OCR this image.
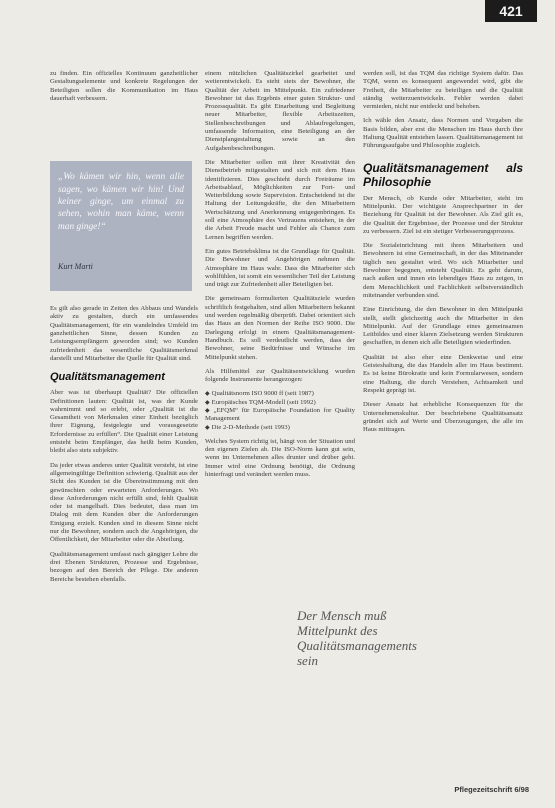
421

zu finden. Ein offizielles Kontinuum ganzheitlicher Gestaltungselemente und konkrete Regelungen der Beteiligten sollen die Kommunikation im Haus dauerhaft verbessern.

„Wo kämen wir hin, wenn alle sagen, wo kämen wir hin! Und keiner ginge, um einmal zu sehen, wohin man käme, wenn man ginge!“
Kurt Marti

Es gilt also gerade in Zeiten des Abbaus und Wandels aktiv zu gestalten, durch ein umfassendes Qualitätsmanagement, für ein wandelndes Umfeld im ganzheitlichen Sinne, dessen Kunden zu Leistungsempfängern geworden sind; wo Kunden zufriedenheit das wesentliche Qualitätsmerkmal darstellt und Mitarbeiter die Quelle für Qualität sind.

Qualitätsmanagement

Aber was ist überhaupt Qualität? Die offiziellen Definitionen lauten: Qualität ist, was der Kunde wahrnimmt und so erlebt, oder „Qualität ist die Gesamtheit von Merkmalen einer Einheit bezüglich ihrer Eignung, festgelegte und vorausgesetzte Erfordernisse zu erfüllen“. Die Qualität einer Leistung entsteht beim Empfänger, das heißt beim Kunden, bleibt also stets subjektiv.

Da jeder etwas anderes unter Qualität versteht, ist eine allgemeingültige Definition schwierig. Qualität aus der Sicht des Kunden ist die Übereinstimmung mit den gewünschten oder erwarteten Anforderungen. Wo diese Anforderungen nicht erfüllt sind, fehlt Qualität oder ist mangelhaft. Dies bedeutet, dass man im Dialog mit dem Kunden über die Anforderungen Einigung erzielt. Kunden sind in diesem Sinne nicht nur die Bewohner, sondern auch die Angehörigen, die Öffentlichkeit, der Mitarbeiter oder die Abteilung.

Qualitätsmanagement umfasst nach gängiger Lehre die drei Ebenen Strukturen, Prozesse und Ergebnisse, bezogen auf den Bereich der Pflege. Die anderen Bereiche bestehen ebenfalls.

einem nützlichen Qualitätszirkel gearbeitet und weiterentwickelt. Es steht stets der Bewohner, die Qualität der Arbeit im Mittelpunkt. Ein zufriedener Bewohner ist das Ergebnis einer guten Struktur- und Prozessqualität. Es gibt Einarbeitung und Begleitung neuer Mitarbeiter, flexible Arbeitszeiten, Stellenbeschreibungen und Ablaufregelungen, umfassende Information, eine Beteiligung an der Dienstplangestaltung sowie an den Aufgabenbeschreibungen.

Die Mitarbeiter sollen mit ihrer Kreativität den Dienstbetrieb mitgestalten und sich mit dem Haus identifizieren. Dies geschieht durch Freiräume im Arbeitsablauf, Möglichkeiten zur Fort- und Weiterbildung sowie Supervision. Entscheidend ist die Haltung der Leitungskräfte, die den Mitarbeitern Wertschätzung und Anerkennung entgegenbringen. Es soll eine Atmosphäre des Vertrauens entstehen, in der die Arbeit Freude macht und Fehler als Chance zum Lernen begriffen werden.

Ein gutes Betriebsklima ist die Grundlage für Qualität. Die Bewohner und Angehörigen nehmen die Atmosphäre im Haus wahr. Dass die Mitarbeiter sich wohlfühlen, ist somit ein wesentlicher Teil der Leistung und trägt zur Zufriedenheit aller Beteiligten bei.

Die gemeinsam formulierten Qualitätsziele wurden schriftlich festgehalten, sind allen Mitarbeitern bekannt und werden regelmäßig überprüft. Dabei orientiert sich das Haus an den Normen der Reihe ISO 9000. Die Darlegung erfolgt in einem Qualitätsmanagement-Handbuch. Es soll verdeutlicht werden, dass der Bewohner, seine Bedürfnisse und Wünsche im Mittelpunkt stehen.

Als Hilfsmittel zur Qualitätsentwicklung wurden folgende Instrumente herangezogen:

◆ Qualitätsnorm ISO 9000 ff (seit 1987)
◆ Europäisches TQM-Modell (seit 1992)
◆ „EFQM“ für Europäische Foundation for Quality Management
◆ Die 2-D-Methode (seit 1993)

Welches System richtig ist, hängt von der Situation und den eigenen Zielen ab. Die ISO-Norm kann gut sein, wenn im Unternehmen alles drunter und drüber geht. Immer wird eine Ordnung benötigt, die Ordnung hinterfragt und verändert werden muss.

werden soll, ist das TQM das richtige System dafür. Das TQM, wenn es konsequent angewendet wird, gibt die Freiheit, die Mitarbeiter zu beteiligen und die Qualität ständig weiterzuentwickeln. Fehler werden dabei vermieden, nicht nur entdeckt und behoben.

Ich wähle den Ansatz, dass Normen und Vorgaben die Basis bilden, aber erst die Menschen im Haus durch ihre Haltung Qualität entstehen lassen. Qualitätsmanagement ist Führungsaufgabe und Philosophie zugleich.

Qualitätsmanagement als Philosophie

Der Mensch, ob Kunde oder Mitarbeiter, steht im Mittelpunkt. Der wichtigste Ansprechpartner in der Beziehung für Qualität ist der Bewohner. Als Ziel gilt es, die Qualität der Ergebnisse, der Prozesse und der Struktur zu verbessern. Ziel ist ein stetiger Verbesserungsprozess.

Die Sozialeinrichtung mit ihren Mitarbeitern und Bewohnern ist eine Gemeinschaft, in der das Miteinander täglich neu gestaltet wird. Wo sich Mitarbeiter und Bewohner begegnen, entsteht Qualität. Es geht darum, nach außen und innen ein lebendiges Haus zu zeigen, in dem Menschlichkeit und Fachlichkeit selbstverständlich miteinander verbunden sind.

Eine Einrichtung, die den Bewohner in den Mittelpunkt stellt, stellt gleichzeitig auch die Mitarbeiter in den Mittelpunkt. Auf der Grundlage eines gemeinsamen Leitbildes und einer klaren Zielsetzung werden Strukturen geschaffen, in denen sich alle Beteiligten wiederfinden.

Qualität ist also eher eine Denkweise und eine Geisteshaltung, die das Handeln aller im Haus bestimmt. Es ist keine Bürokratie und kein Formularwesen, sondern eine Haltung, die durch Verstehen, Achtsamkeit und Respekt geprägt ist.

Dieser Ansatz hat erhebliche Konsequenzen für die Unternehmenskultur. Der beschriebene Qualitätsansatz gründet sich auf Werte und Überzeugungen, die alle im Haus mittragen.

Der Mensch muß Mittelpunkt des Qualitätsmanagements sein
Pflegezeitschrift 6/98
